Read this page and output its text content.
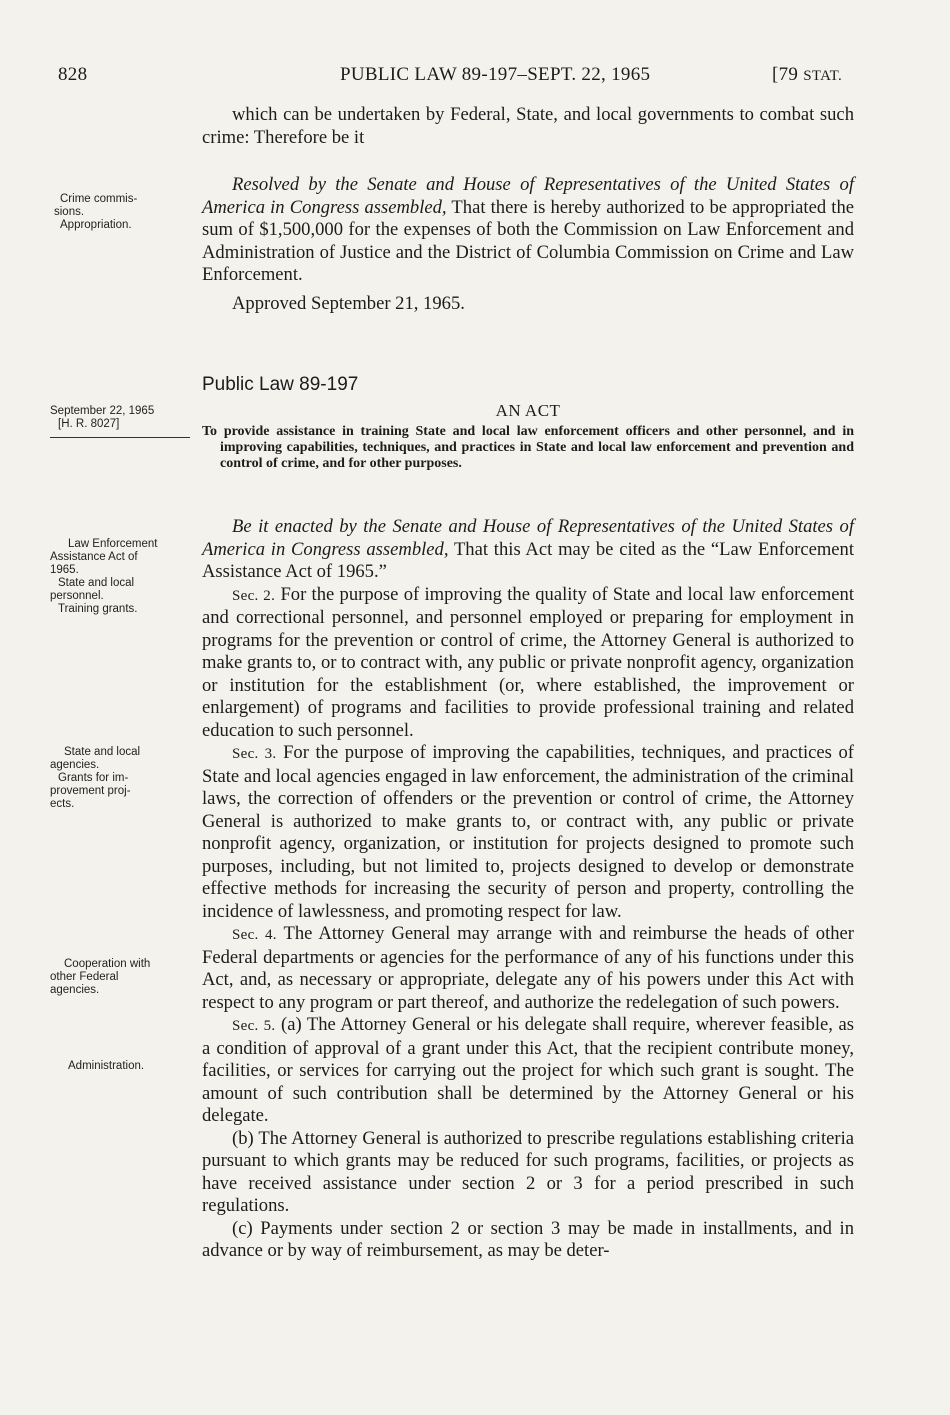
828	PUBLIC LAW 89-197–SEPT. 22, 1965	[79 STAT.

which can be undertaken by Federal, State, and local governments to combat such crime: Therefore be it

Resolved by the Senate and House of Representatives of the United States of America in Congress assembled, That there is hereby authorized to be appropriated the sum of $1,500,000 for the expenses of both the Commission on Law Enforcement and Administration of Justice and the District of Columbia Commission on Crime and Law Enforcement.

Approved September 21, 1965.

Crime commis-
sions.
Appropriation.
Public Law 89-197
September 22, 1965
[H. R. 8027]
AN ACT
To provide assistance in training State and local law enforcement officers and other personnel, and in improving capabilities, techniques, and practices in State and local law enforcement and prevention and control of crime, and for other purposes.

Be it enacted by the Senate and House of Representatives of the United States of America in Congress assembled, That this Act may be cited as the “Law Enforcement Assistance Act of 1965.”

Sec. 2. For the purpose of improving the quality of State and local law enforcement and correctional personnel, and personnel employed or preparing for employment in programs for the prevention or control of crime, the Attorney General is authorized to make grants to, or to contract with, any public or private nonprofit agency, organization or institution for the establishment (or, where established, the improvement or enlargement) of programs and facilities to provide professional training and related education to such personnel.

Sec. 3. For the purpose of improving the capabilities, techniques, and practices of State and local agencies engaged in law enforcement, the administration of the criminal laws, the correction of offenders or the prevention or control of crime, the Attorney General is authorized to make grants to, or contract with, any public or private nonprofit agency, organization, or institution for projects designed to promote such purposes, including, but not limited to, projects designed to develop or demonstrate effective methods for increasing the security of person and property, controlling the incidence of lawlessness, and promoting respect for law.

Sec. 4. The Attorney General may arrange with and reimburse the heads of other Federal departments or agencies for the performance of any of his functions under this Act, and, as necessary or appropriate, delegate any of his powers under this Act with respect to any program or part thereof, and authorize the redelegation of such powers.

Sec. 5. (a) The Attorney General or his delegate shall require, wherever feasible, as a condition of approval of a grant under this Act, that the recipient contribute money, facilities, or services for carrying out the project for which such grant is sought. The amount of such contribution shall be determined by the Attorney General or his delegate.

(b) The Attorney General is authorized to prescribe regulations establishing criteria pursuant to which grants may be reduced for such programs, facilities, or projects as have received assistance under section 2 or 3 for a period prescribed in such regulations.

(c) Payments under section 2 or section 3 may be made in installments, and in advance or by way of reimbursement, as may be deter-

Law Enforcement
Assistance Act of
1965.
State and local
personnel.
Training grants.
State and local
agencies.
Grants for im-
provement proj-
ects.
Cooperation with
other Federal
agencies.
Administration.
